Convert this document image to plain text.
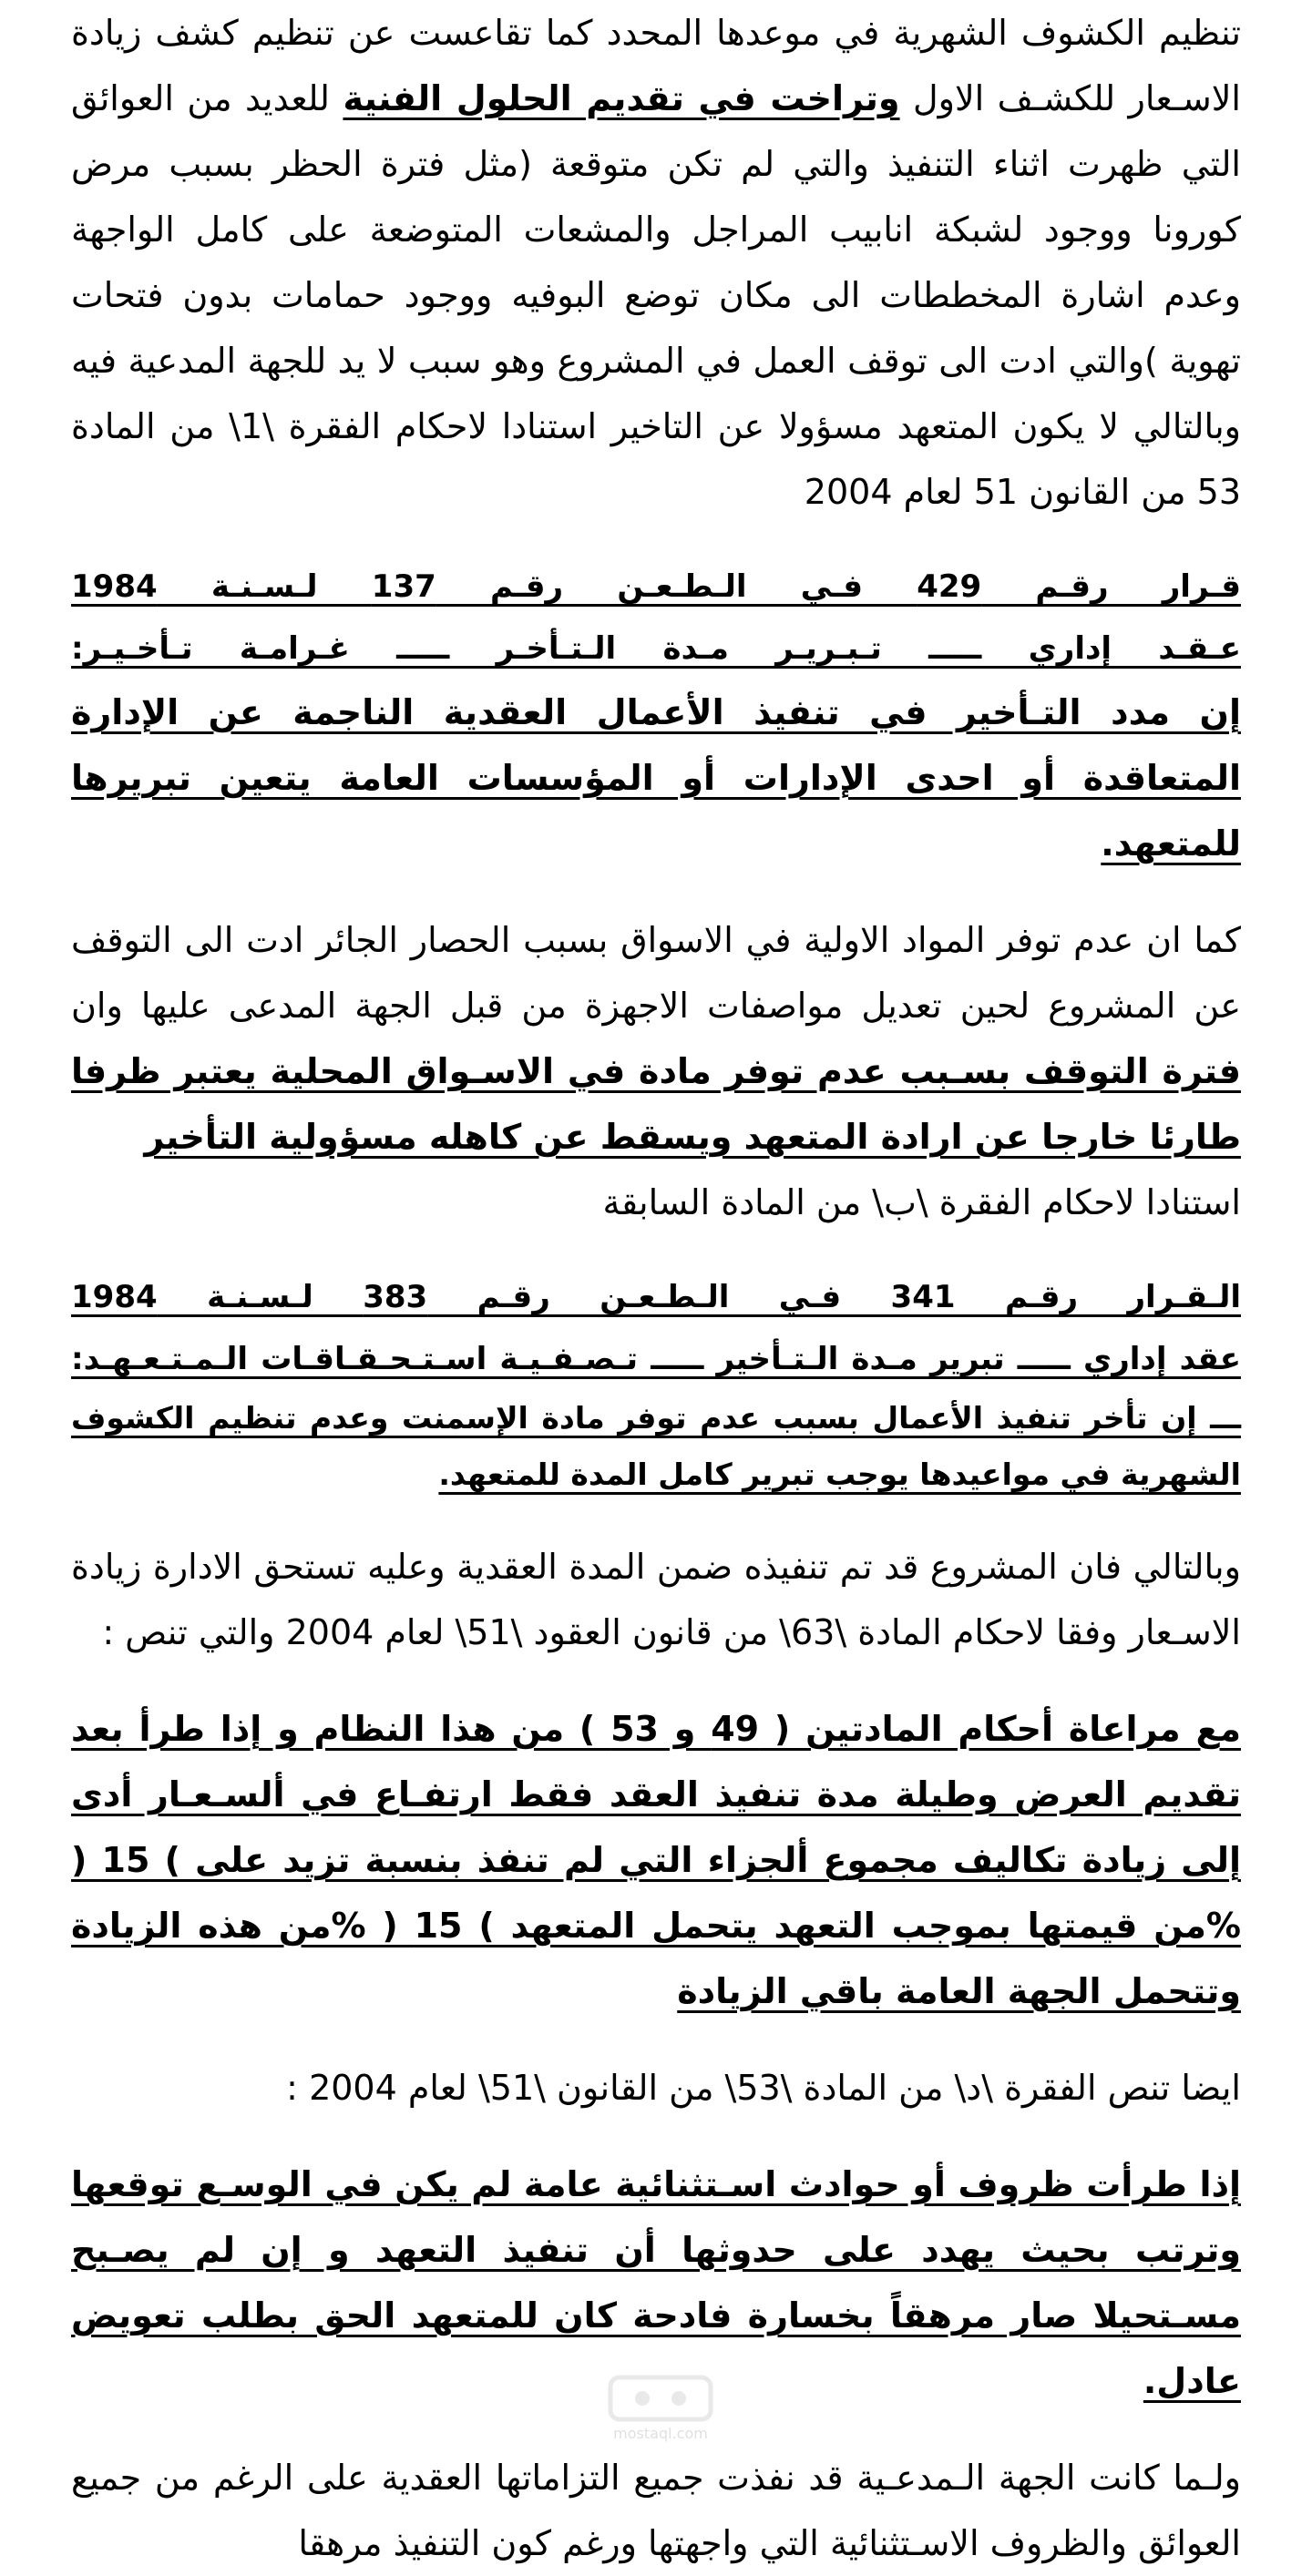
تنظيم الكشوف الشهرية في موعدها المحدد كما تقاعست عن تنظيم كشف زيادة الاسـعار للكشـف الاول وتراخت في تقديم الحلول الفنية للعديد من العوائق التي ظهرت اثناء التنفيذ والتي لم تكن متوقعة (مثل فترة الحظر بسبب مرض كورونا ووجود لشبكة انابيب المراجل والمشعات المتوضعة على كامل الواجهة وعدم اشارة المخططات الى مكان توضع البوفيه ووجود حمامات بدون فتحات تهوية )والتي ادت الى توقف العمل في المشروع وهو سبب لا يد للجهة المدعية فيه وبالتالي لا يكون المتعهد مسؤولا عن التاخير استنادا لاحكام الفقرة \1\ من المادة 53 من القانون 51 لعام 2004

قـرار رقـم 429 فـي الـطـعـن رقـم 137 لـسـنـة 1984

عـقـد إداري ـــــ تـبـريـر مـدة الـتـأخـر ـــــ غـرامـة تـأخـيـر:

إن مدد التـأخير في تنفيذ الأعمال العقدية الناجمة عن الإدارة المتعاقدة أو احدى الإدارات أو المؤسسات العامة يتعين تبريرها للمتعهد.

كما ان عدم توفر المواد الاولية في الاسواق بسبب الحصار الجائر ادت الى التوقف عن المشروع لحين تعديل مواصفات الاجهزة من قبل الجهة المدعى عليها وان فترة التوقف بسـبب عدم توفر مادة في الاسـواق المحلية يعتبر ظرفا طارئا خارجا عن ارادة المتعهد ويسقط عن كاهله مسؤولية التأخير
استنادا لاحكام الفقرة \ب\ من المادة السابقة

الـقـرار رقـم 341 فـي الـطـعـن رقـم 383 لـسـنـة 1984

عقد إداري ـــــ تبرير مـدة الـتـأخير ـــــ تـصـفـيـة اسـتـحـقـاقـات الـمـتـعـهـد:

ـــ إن تأخر تنفيذ الأعمال بسبب عدم توفر مادة الإسمنت وعدم تنظيم الكشوف الشهرية في مواعيدها يوجب تبرير كامل المدة للمتعهد.

وبالتالي فان المشروع قد تم تنفيذه ضمن المدة العقدية وعليه تستحق الادارة زيادة الاسـعار وفقا لاحكام المادة \63\ من قانون العقود \51\ لعام 2004 والتي تنص :

مع مراعاة أحكام المادتين ( 49 و 53 ) من هذا النظام و إذا طرأ بعد تقديم العرض وطيلة مدة تنفيذ العقد فقط ارتفـاع في ألسـعـار أدى إلى زيادة تكاليف مجموع ألجزاء التي لم تنفذ بنسبة تزيد على ) 15 ( %من قيمتها بموجب التعهد يتحمل المتعهد ) 15 ( %من هذه الزيادة وتتحمل الجهة العامة باقي الزيادة

ايضا تنص الفقرة \د\ من المادة \53\ من القانون \51\ لعام 2004 :

إذا طرأت ظروف أو حوادث اسـتثنائية عامة لم يكن في الوسـع توقعها وترتب بحيث يهدد على حدوثها أن تنفيذ التعهد و إن لم يصـبح مسـتحيلا صار مرهقاً بخسارة فادحة كان للمتعهد الحق بطلب تعويض عادل.

ولـما كانت الجهة الـمدعـية قد نفذت جميع التزاماتها العقدية على الرغم من جميع العوائق والظروف الاسـتثنائية التي واجهتها ورغم كون التنفيذ مرهقا

mostaql.com
